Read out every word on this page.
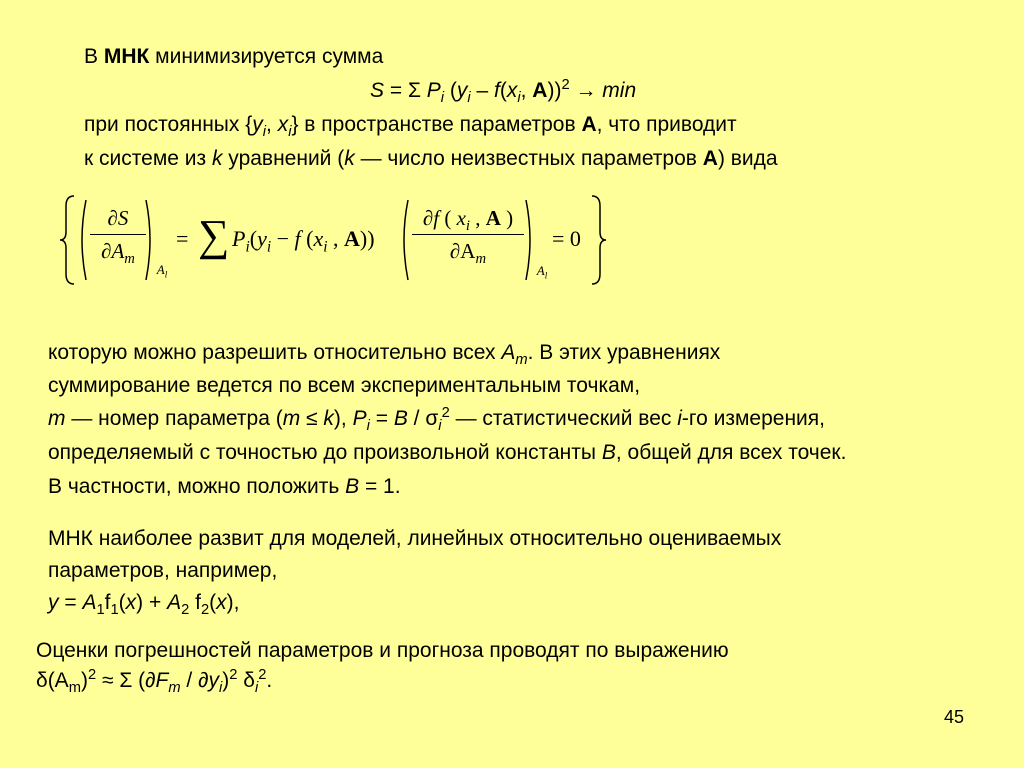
В МНК минимизируется сумма
S = Σ $P_i$ ($y_i - f(x_i$, A))$^2$ → min
при постоянных {$y_i$, $x_i$} в пространстве параметров A, что приводит
к системе из k уравнений (k — число неизвестных параметров A) вида
∂S
$\partial A_m$
$A_l$
= ∑ $P_i(y_i - f$ ($x_i$ , A))
∂f ( $x_i$ , A )
$\partial A_m$
$A_l$
= 0
которую можно разрешить относительно всех $A_m$. В этих уравнениях
суммирование ведется по всем экспериментальным точкам,
m — номер параметра (m ≤ k), $P_i = B / \sigma_i^2$ — статистический вес i-го измерения,
определяемый с точностью до произвольной константы B, общей для всех точек.
В частности, можно положить B = 1.
МНК наиболее развит для моделей, линейных относительно оцениваемых
параметров, например,
$y = A_1f_1(x) + A_2$ $f_2(x)$,
Оценки погрешностей параметров и прогноза проводят по выражению
$\delta(A_m)^2 \approx \Sigma$ $(\partial F_m / \partial y_i)^2$ $\delta_i^2$.
45
